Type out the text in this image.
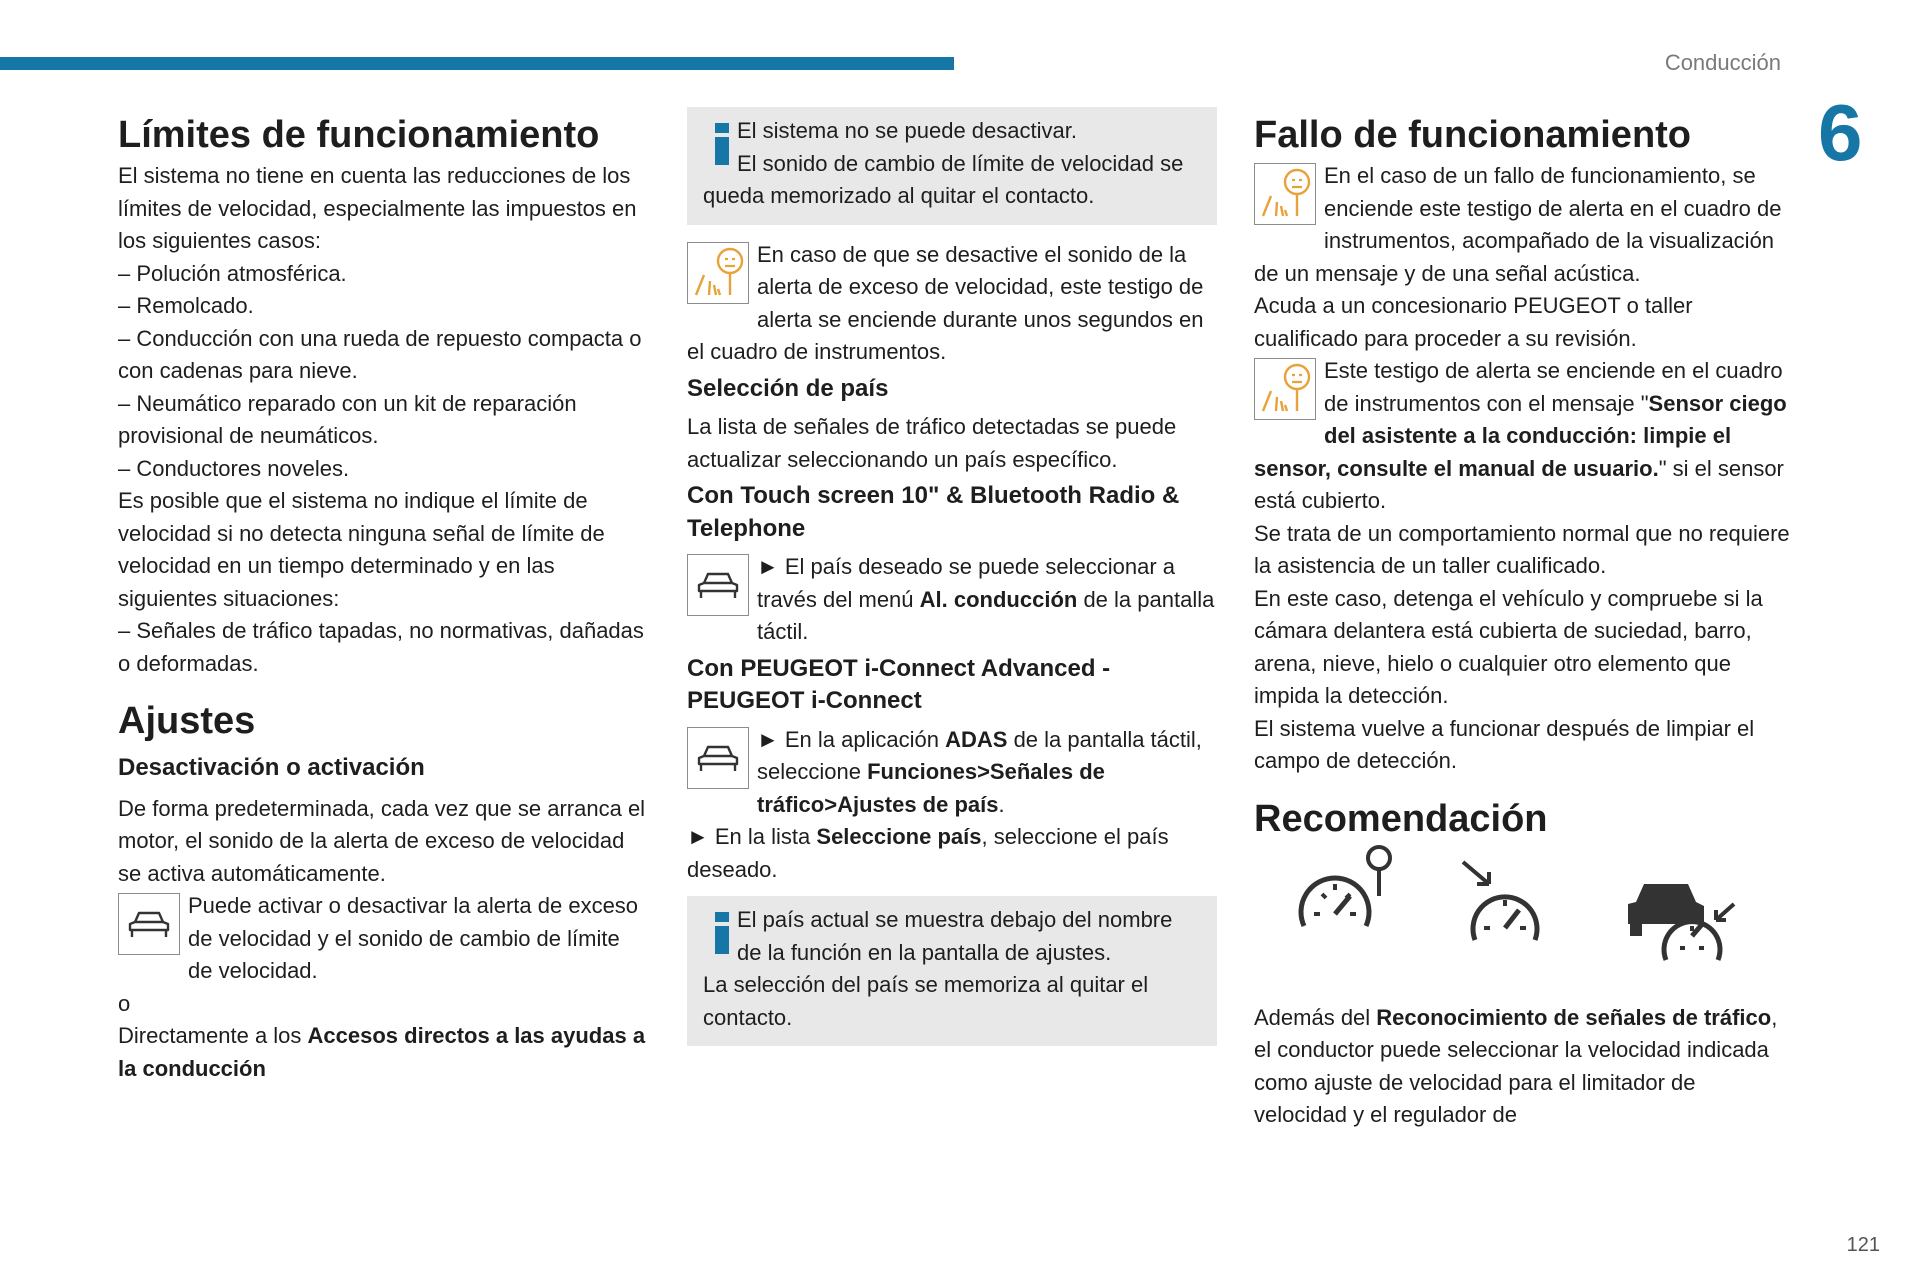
Conducción
6
121
Límites de funcionamiento

El sistema no tiene en cuenta las reducciones de los límites de velocidad, especialmente las impuestos en los siguientes casos:

– Polución atmosférica.

– Remolcado.

– Conducción con una rueda de repuesto compacta o con cadenas para nieve.

– Neumático reparado con un kit de reparación provisional de neumáticos.

– Conductores noveles.

Es posible que el sistema no indique el límite de velocidad si no detecta ninguna señal de límite de velocidad en un tiempo determinado y en las siguientes situaciones:

– Señales de tráfico tapadas, no normativas, dañadas o deformadas.

Ajustes
Desactivación o activación

De forma predeterminada, cada vez que se arranca el motor, el sonido de la alerta de exceso de velocidad se activa automáticamente.

Puede activar o desactivar la alerta de exceso de velocidad y el sonido de cambio de límite de velocidad.

o

Directamente a los Accesos directos a las ayudas a la conducción

El sistema no se puede desactivar.

El sonido de cambio de límite de velocidad se queda memorizado al quitar el contacto.

En caso de que se desactive el sonido de la alerta de exceso de velocidad, este testigo de alerta se enciende durante unos segundos en el cuadro de instrumentos.

Selección de país

La lista de señales de tráfico detectadas se puede actualizar seleccionando un país específico.

Con Touch screen 10" & Bluetooth Radio & Telephone

► El país deseado se puede seleccionar a través del menú Al. conducción de la pantalla táctil.

Con PEUGEOT i-Connect Advanced - PEUGEOT i-Connect

► En la aplicación ADAS de la pantalla táctil, seleccione Funciones>Señales de tráfico>Ajustes de país.

► En la lista Seleccione país, seleccione el país deseado.

El país actual se muestra debajo del nombre de la función en la pantalla de ajustes.

La selección del país se memoriza al quitar el contacto.

Fallo de funcionamiento

En el caso de un fallo de funcionamiento, se enciende este testigo de alerta en el cuadro de instrumentos, acompañado de la visualización de un mensaje y de una señal acústica.

Acuda a un concesionario PEUGEOT o taller cualificado para proceder a su revisión.

Este testigo de alerta se enciende en el cuadro de instrumentos con el mensaje "Sensor ciego del asistente a la conducción: limpie el sensor, consulte el manual de usuario." si el sensor está cubierto.

Se trata de un comportamiento normal que no requiere la asistencia de un taller cualificado.

En este caso, detenga el vehículo y compruebe si la cámara delantera está cubierta de suciedad, barro, arena, nieve, hielo o cualquier otro elemento que impida la detección.

El sistema vuelve a funcionar después de limpiar el campo de detección.

Recomendación

Además del Reconocimiento de señales de tráfico, el conductor puede seleccionar la velocidad indicada como ajuste de velocidad para el limitador de velocidad y el regulador de
